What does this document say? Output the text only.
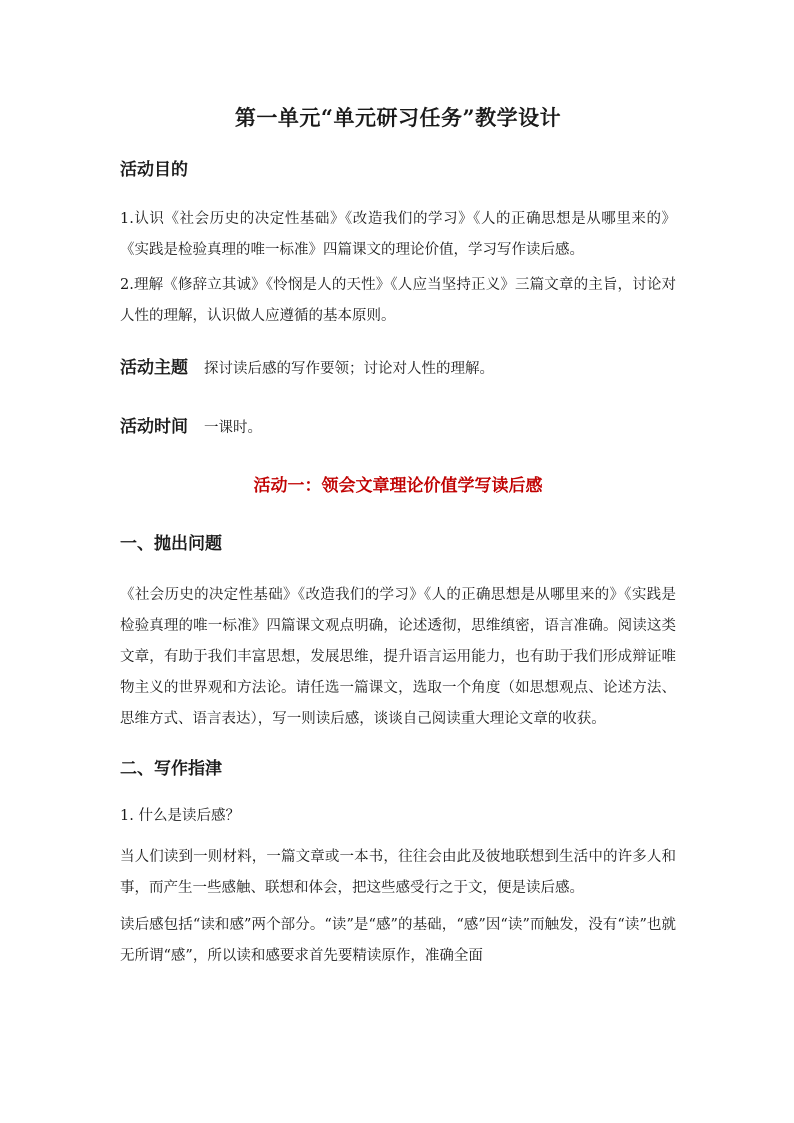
第一单元“单元研习任务”教学设计

活动目的

1.认识《社会历史的决定性基础》《改造我们的学习》《人的正确思想是从哪里来的》《实践是检验真理的唯一标准》四篇课文的理论价值，学习写作读后感。

2.理解《修辞立其诚》《怜悯是人的天性》《人应当坚持正义》三篇文章的主旨，讨论对人性的理解，认识做人应遵循的基本原则。

活动主题 探讨读后感的写作要领；讨论对人性的理解。

活动时间 一课时。

活动一：领会文章理论价值学写读后感

一、抛出问题

《社会历史的决定性基础》《改造我们的学习》《人的正确思想是从哪里来的》《实践是检验真理的唯一标准》四篇课文观点明确，论述透彻，思维缜密，语言准确。阅读这类文章，有助于我们丰富思想，发展思维，提升语言运用能力，也有助于我们形成辩证唯物主义的世界观和方法论。请任选一篇课文，选取一个角度（如思想观点、论述方法、思维方式、语言表达），写一则读后感，谈谈自己阅读重大理论文章的收获。

二、写作指津

1. 什么是读后感？

当人们读到一则材料，一篇文章或一本书，往往会由此及彼地联想到生活中的许多人和事，而产生一些感触、联想和体会，把这些感受行之于文，便是读后感。

读后感包括“读和感”两个部分。“读”是“感”的基础，“感”因“读”而触发，没有“读”也就无所谓“感”，所以读和感要求首先要精读原作，准确全面
